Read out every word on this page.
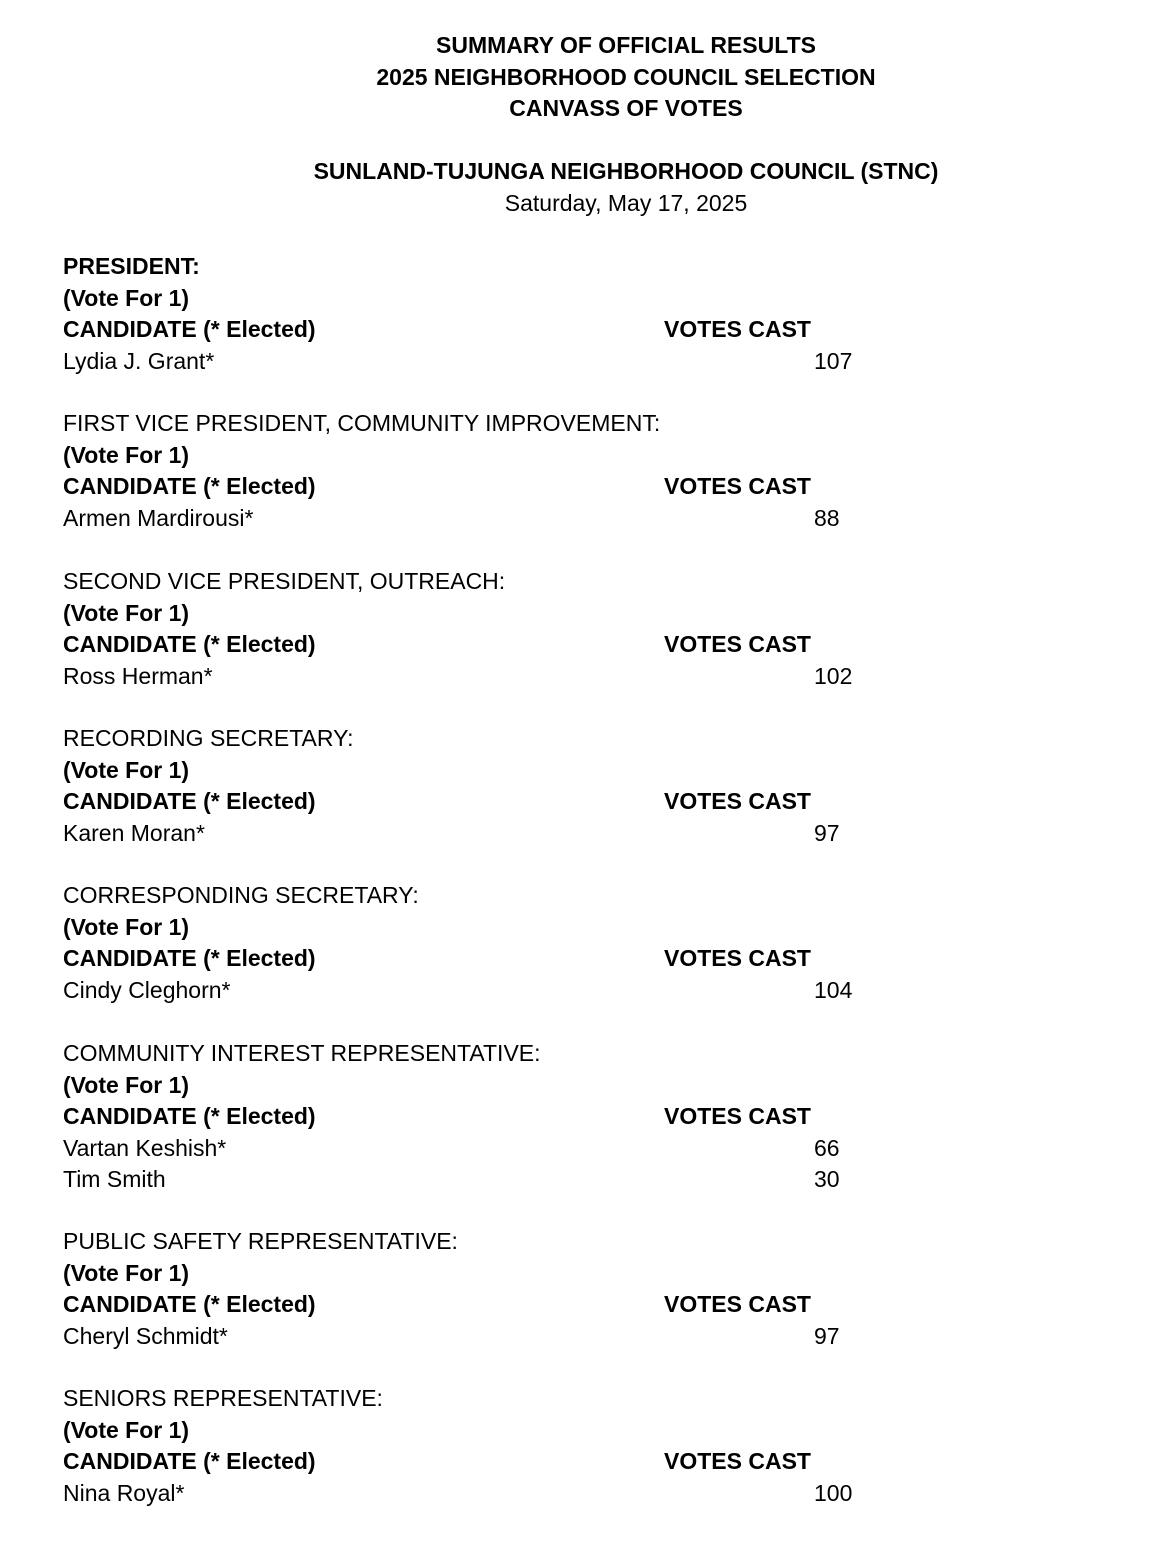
SUMMARY OF OFFICIAL RESULTS
2025 NEIGHBORHOOD COUNCIL SELECTION
CANVASS OF VOTES
SUNLAND-TUJUNGA NEIGHBORHOOD COUNCIL (STNC)
Saturday, May 17, 2025
PRESIDENT:
(Vote For 1)
CANDIDATE (* Elected)	VOTES CAST
Lydia J. Grant*	107
FIRST VICE PRESIDENT, COMMUNITY IMPROVEMENT:
(Vote For 1)
CANDIDATE (* Elected)	VOTES CAST
Armen Mardirousi*	88
SECOND VICE PRESIDENT, OUTREACH:
(Vote For 1)
CANDIDATE (* Elected)	VOTES CAST
Ross Herman*	102
RECORDING SECRETARY:
(Vote For 1)
CANDIDATE (* Elected)	VOTES CAST
Karen Moran*	97
CORRESPONDING SECRETARY:
(Vote For 1)
CANDIDATE (* Elected)	VOTES CAST
Cindy Cleghorn*	104
COMMUNITY INTEREST REPRESENTATIVE:
(Vote For 1)
CANDIDATE (* Elected)	VOTES CAST
Vartan Keshish*	66
Tim Smith	30
PUBLIC SAFETY REPRESENTATIVE:
(Vote For 1)
CANDIDATE (* Elected)	VOTES CAST
Cheryl Schmidt*	97
SENIORS REPRESENTATIVE:
(Vote For 1)
CANDIDATE (* Elected)	VOTES CAST
Nina Royal*	100
